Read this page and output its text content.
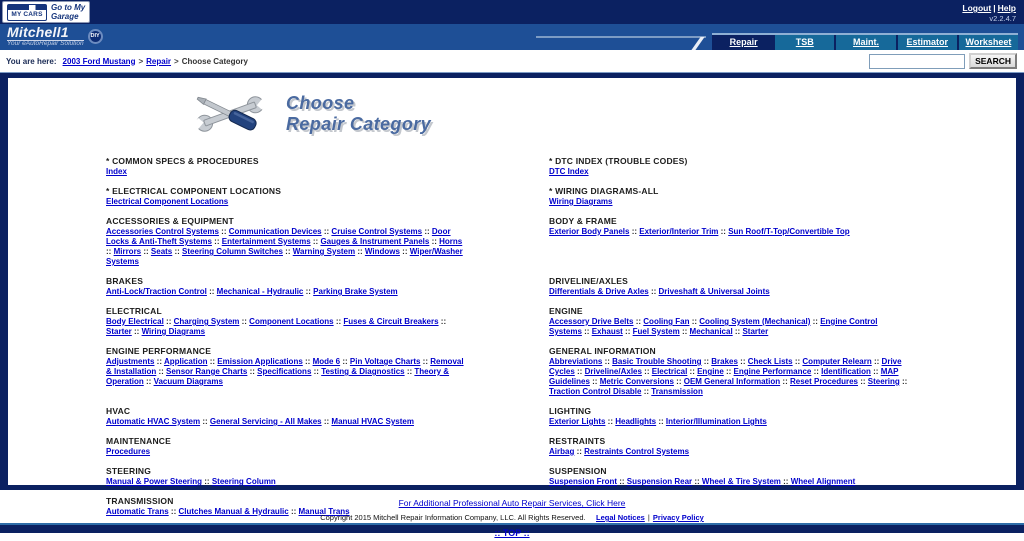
MY CARS
Go to My
Garage
Logout | Help
v2.2.4.7
Mitchell1
Your eAutoRepair Solution
DIY
Repair	TSB	Maint.	Estimator	Worksheet
You are here: 2003 Ford Mustang > Repair > Choose Category	SEARCH
Choose
Repair Category
* COMMON SPECS & PROCEDURES
Index
* DTC INDEX (TROUBLE CODES)
DTC Index
* ELECTRICAL COMPONENT LOCATIONS
Electrical Component Locations
* WIRING DIAGRAMS-ALL
Wiring Diagrams
ACCESSORIES & EQUIPMENT
Accessories Control Systems :: Communication Devices :: Cruise Control Systems :: Door Locks & Anti-Theft Systems :: Entertainment Systems :: Gauges & Instrument Panels :: Horns :: Mirrors :: Seats :: Steering Column Switches :: Warning System :: Windows :: Wiper/Washer Systems
BODY & FRAME
Exterior Body Panels :: Exterior/Interior Trim :: Sun Roof/T-Top/Convertible Top
BRAKES
Anti-Lock/Traction Control :: Mechanical - Hydraulic :: Parking Brake System
DRIVELINE/AXLES
Differentials & Drive Axles :: Driveshaft & Universal Joints
ELECTRICAL
Body Electrical :: Charging System :: Component Locations :: Fuses & Circuit Breakers :: Starter :: Wiring Diagrams
ENGINE
Accessory Drive Belts :: Cooling Fan :: Cooling System (Mechanical) :: Engine Control Systems :: Exhaust :: Fuel System :: Mechanical :: Starter
ENGINE PERFORMANCE
Adjustments :: Application :: Emission Applications :: Mode 6 :: Pin Voltage Charts :: Removal & Installation :: Sensor Range Charts :: Specifications :: Testing & Diagnostics :: Theory & Operation :: Vacuum Diagrams
GENERAL INFORMATION
Abbreviations :: Basic Trouble Shooting :: Brakes :: Check Lists :: Computer Relearn :: Drive Cycles :: Driveline/Axles :: Electrical :: Engine :: Engine Performance :: Identification :: MAP Guidelines :: Metric Conversions :: OEM General Information :: Reset Procedures :: Steering :: Traction Control Disable :: Transmission
HVAC
Automatic HVAC System :: General Servicing - All Makes :: Manual HVAC System
LIGHTING
Exterior Lights :: Headlights :: Interior/Illumination Lights
MAINTENANCE
Procedures
RESTRAINTS
Airbag :: Restraints Control Systems
STEERING
Manual & Power Steering :: Steering Column
SUSPENSION
Suspension Front :: Suspension Rear :: Wheel & Tire System :: Wheel Alignment
TRANSMISSION
Automatic Trans :: Clutches Manual & Hydraulic :: Manual Trans
For Additional Professional Auto Repair Services, Click Here
Copyright 2015 Mitchell Repair Information Company, LLC. All Rights Reserved. Legal Notices | Privacy Policy
:: TOP ::
